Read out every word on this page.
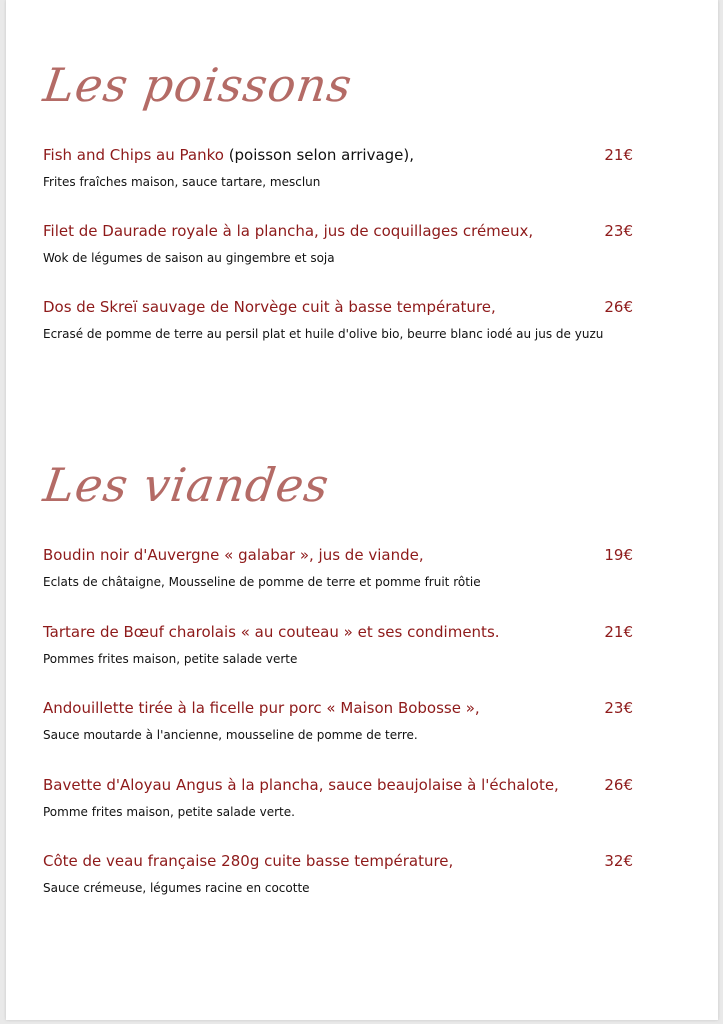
Les poissons
Fish and Chips au Panko (poisson selon arrivage),	21€
Frites fraîches maison, sauce tartare, mesclun
Filet de Daurade royale à la plancha, jus de coquillages crémeux,	23€
Wok de légumes de saison au gingembre et soja
Dos de Skreï sauvage de Norvège cuit à basse température,	26€
Ecrasé de pomme de terre au persil plat et huile d'olive bio, beurre blanc iodé au jus de yuzu
Les viandes
Boudin noir d'Auvergne « galabar », jus de viande,	19€
Eclats de châtaigne, Mousseline de pomme de terre et pomme fruit rôtie
Tartare de Bœuf charolais « au couteau » et ses condiments.	21€
Pommes frites maison, petite salade verte
Andouillette tirée à la ficelle pur porc « Maison Bobosse »,	23€
Sauce moutarde à l'ancienne, mousseline de pomme de terre.
Bavette d'Aloyau Angus à la plancha, sauce beaujolaise à l'échalote,	26€
Pomme frites maison, petite salade verte.
Côte de veau française 280g cuite basse température,	32€
Sauce crémeuse, légumes racine en cocotte
